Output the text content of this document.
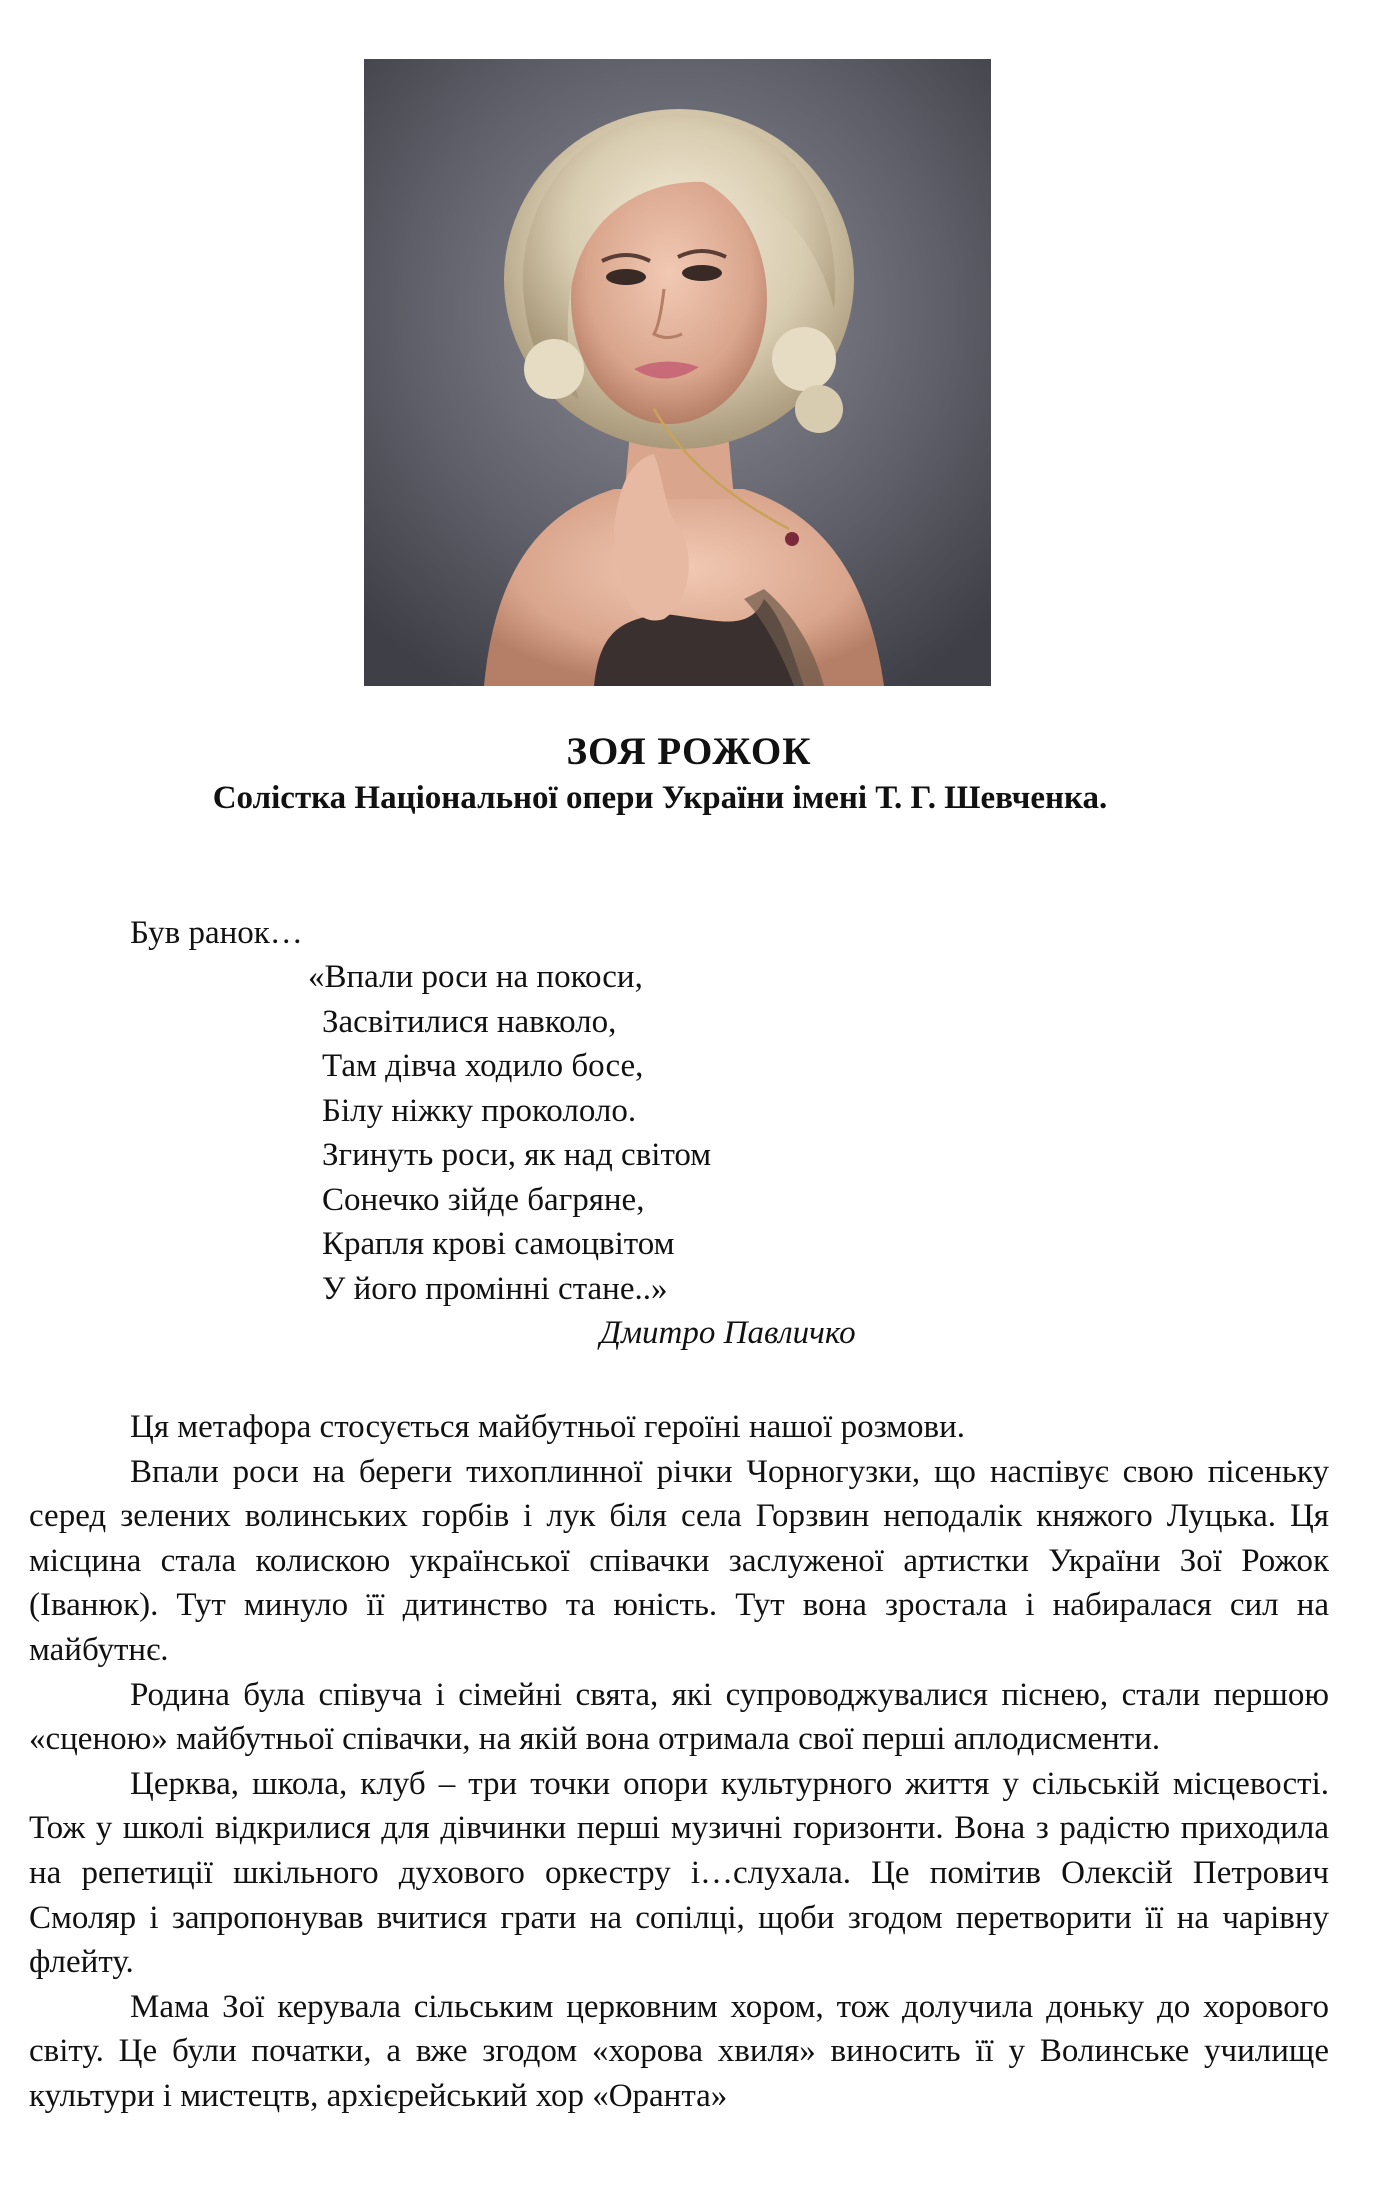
ЗОЯ РОЖОК
Солістка Національної опери України імені Т. Г. Шевченка.
Був ранок…
«Впали роси на покоси,
Засвітилися навколо,
Там дівча ходило босе,
Білу ніжку прокололо.
Згинуть роси, як над світом
Сонечко зійде багряне,
Крапля крові самоцвітом
У його промінні стане..»
Дмитро Павличко

Ця метафора стосується майбутньої героїні нашої розмови.

Впали роси на береги тихоплинної річки Чорногузки, що наспівує свою пісеньку серед зелених волинських горбів і лук біля села Горзвин неподалік княжого Луцька. Ця місцина стала колискою української співачки заслуженої артистки України Зої Рожок (Іванюк). Тут минуло її дитинство та юність. Тут вона зростала і набиралася сил на майбутнє.

Родина була співуча і сімейні свята, які супроводжувалися піснею, стали першою «сценою» майбутньої співачки, на якій вона отримала свої перші аплодисменти.

Церква, школа, клуб – три точки опори культурного життя у сільській місцевості. Тож у школі відкрилися для дівчинки перші музичні горизонти. Вона з радістю приходила на репетиції шкільного духового оркестру і…слухала. Це помітив Олексій Петрович Смоляр і запропонував вчитися грати на сопілці, щоби згодом перетворити її на чарівну флейту.

Мама Зої керувала сільським церковним хором, тож долучила доньку до хорового світу. Це були початки, а вже згодом «хорова хвиля» виносить її у Волинське училище культури і мистецтв, архієрейський хор «Оранта»
